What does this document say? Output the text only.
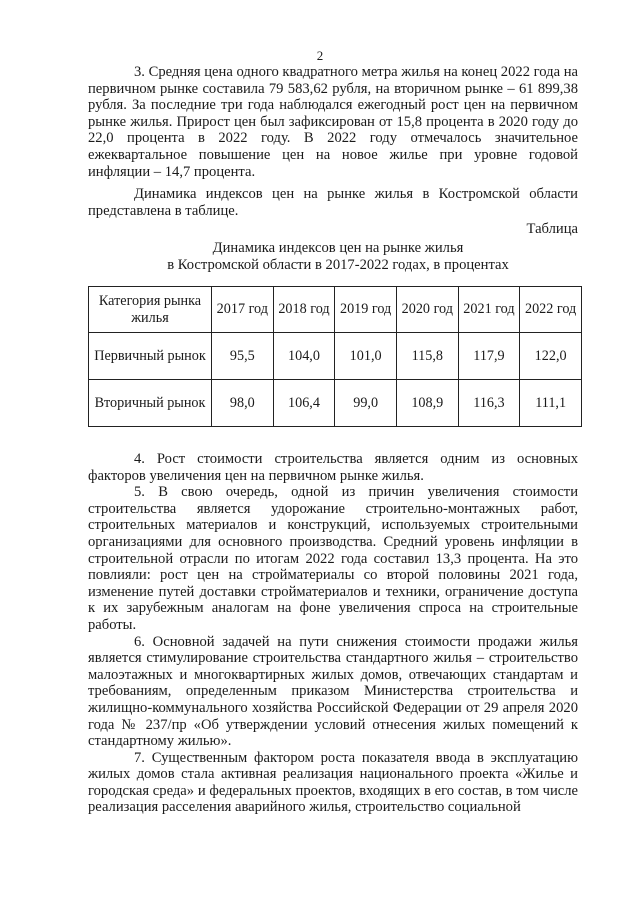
2

3. Средняя цена одного квадратного метра жилья на конец 2022 года на первичном рынке составила 79 583,62 рубля, на вторичном рынке – 61 899,38 рубля. За последние три года наблюдался ежегодный рост цен на первичном рынке жилья. Прирост цен был зафиксирован от 15,8 процента в 2020 году до 22,0 процента в 2022 году. В 2022 году отмечалось значительное ежеквартальное повышение цен на новое жилье при уровне годовой инфляции – 14,7 процента.

Динамика индексов цен на рынке жилья в Костромской области представлена в таблице.

Таблица
Динамика индексов цен на рынке жилья
в Костромской области в 2017-2022 годах, в процентах
Категория рынка жилья	2017 год	2018 год	2019 год	2020 год	2021 год	2022 год
Первичный рынок	95,5	104,0	101,0	115,8	117,9	122,0
Вторичный рынок	98,0	106,4	99,0	108,9	116,3	111,1

4. Рост стоимости строительства является одним из основных факторов увеличения цен на первичном рынке жилья.

5. В свою очередь, одной из причин увеличения стоимости строительства является удорожание строительно-монтажных работ, строительных материалов и конструкций, используемых строительными организациями для основного производства. Средний уровень инфляции в строительной отрасли по итогам 2022 года составил 13,3 процента. На это повлияли: рост цен на стройматериалы со второй половины 2021 года, изменение путей доставки стройматериалов и техники, ограничение доступа к их зарубежным аналогам на фоне увеличения спроса на строительные работы.

6. Основной задачей на пути снижения стоимости продажи жилья является стимулирование строительства стандартного жилья – строительство малоэтажных и многоквартирных жилых домов, отвечающих стандартам и требованиям, определенным приказом Министерства строительства и жилищно-коммунального хозяйства Российской Федерации от 29 апреля 2020 года № 237/пр «Об утверждении условий отнесения жилых помещений к стандартному жилью».

7. Существенным фактором роста показателя ввода в эксплуатацию жилых домов стала активная реализация национального проекта «Жилье и городская среда» и федеральных проектов, входящих в его состав, в том числе реализация расселения аварийного жилья, строительство социальной
